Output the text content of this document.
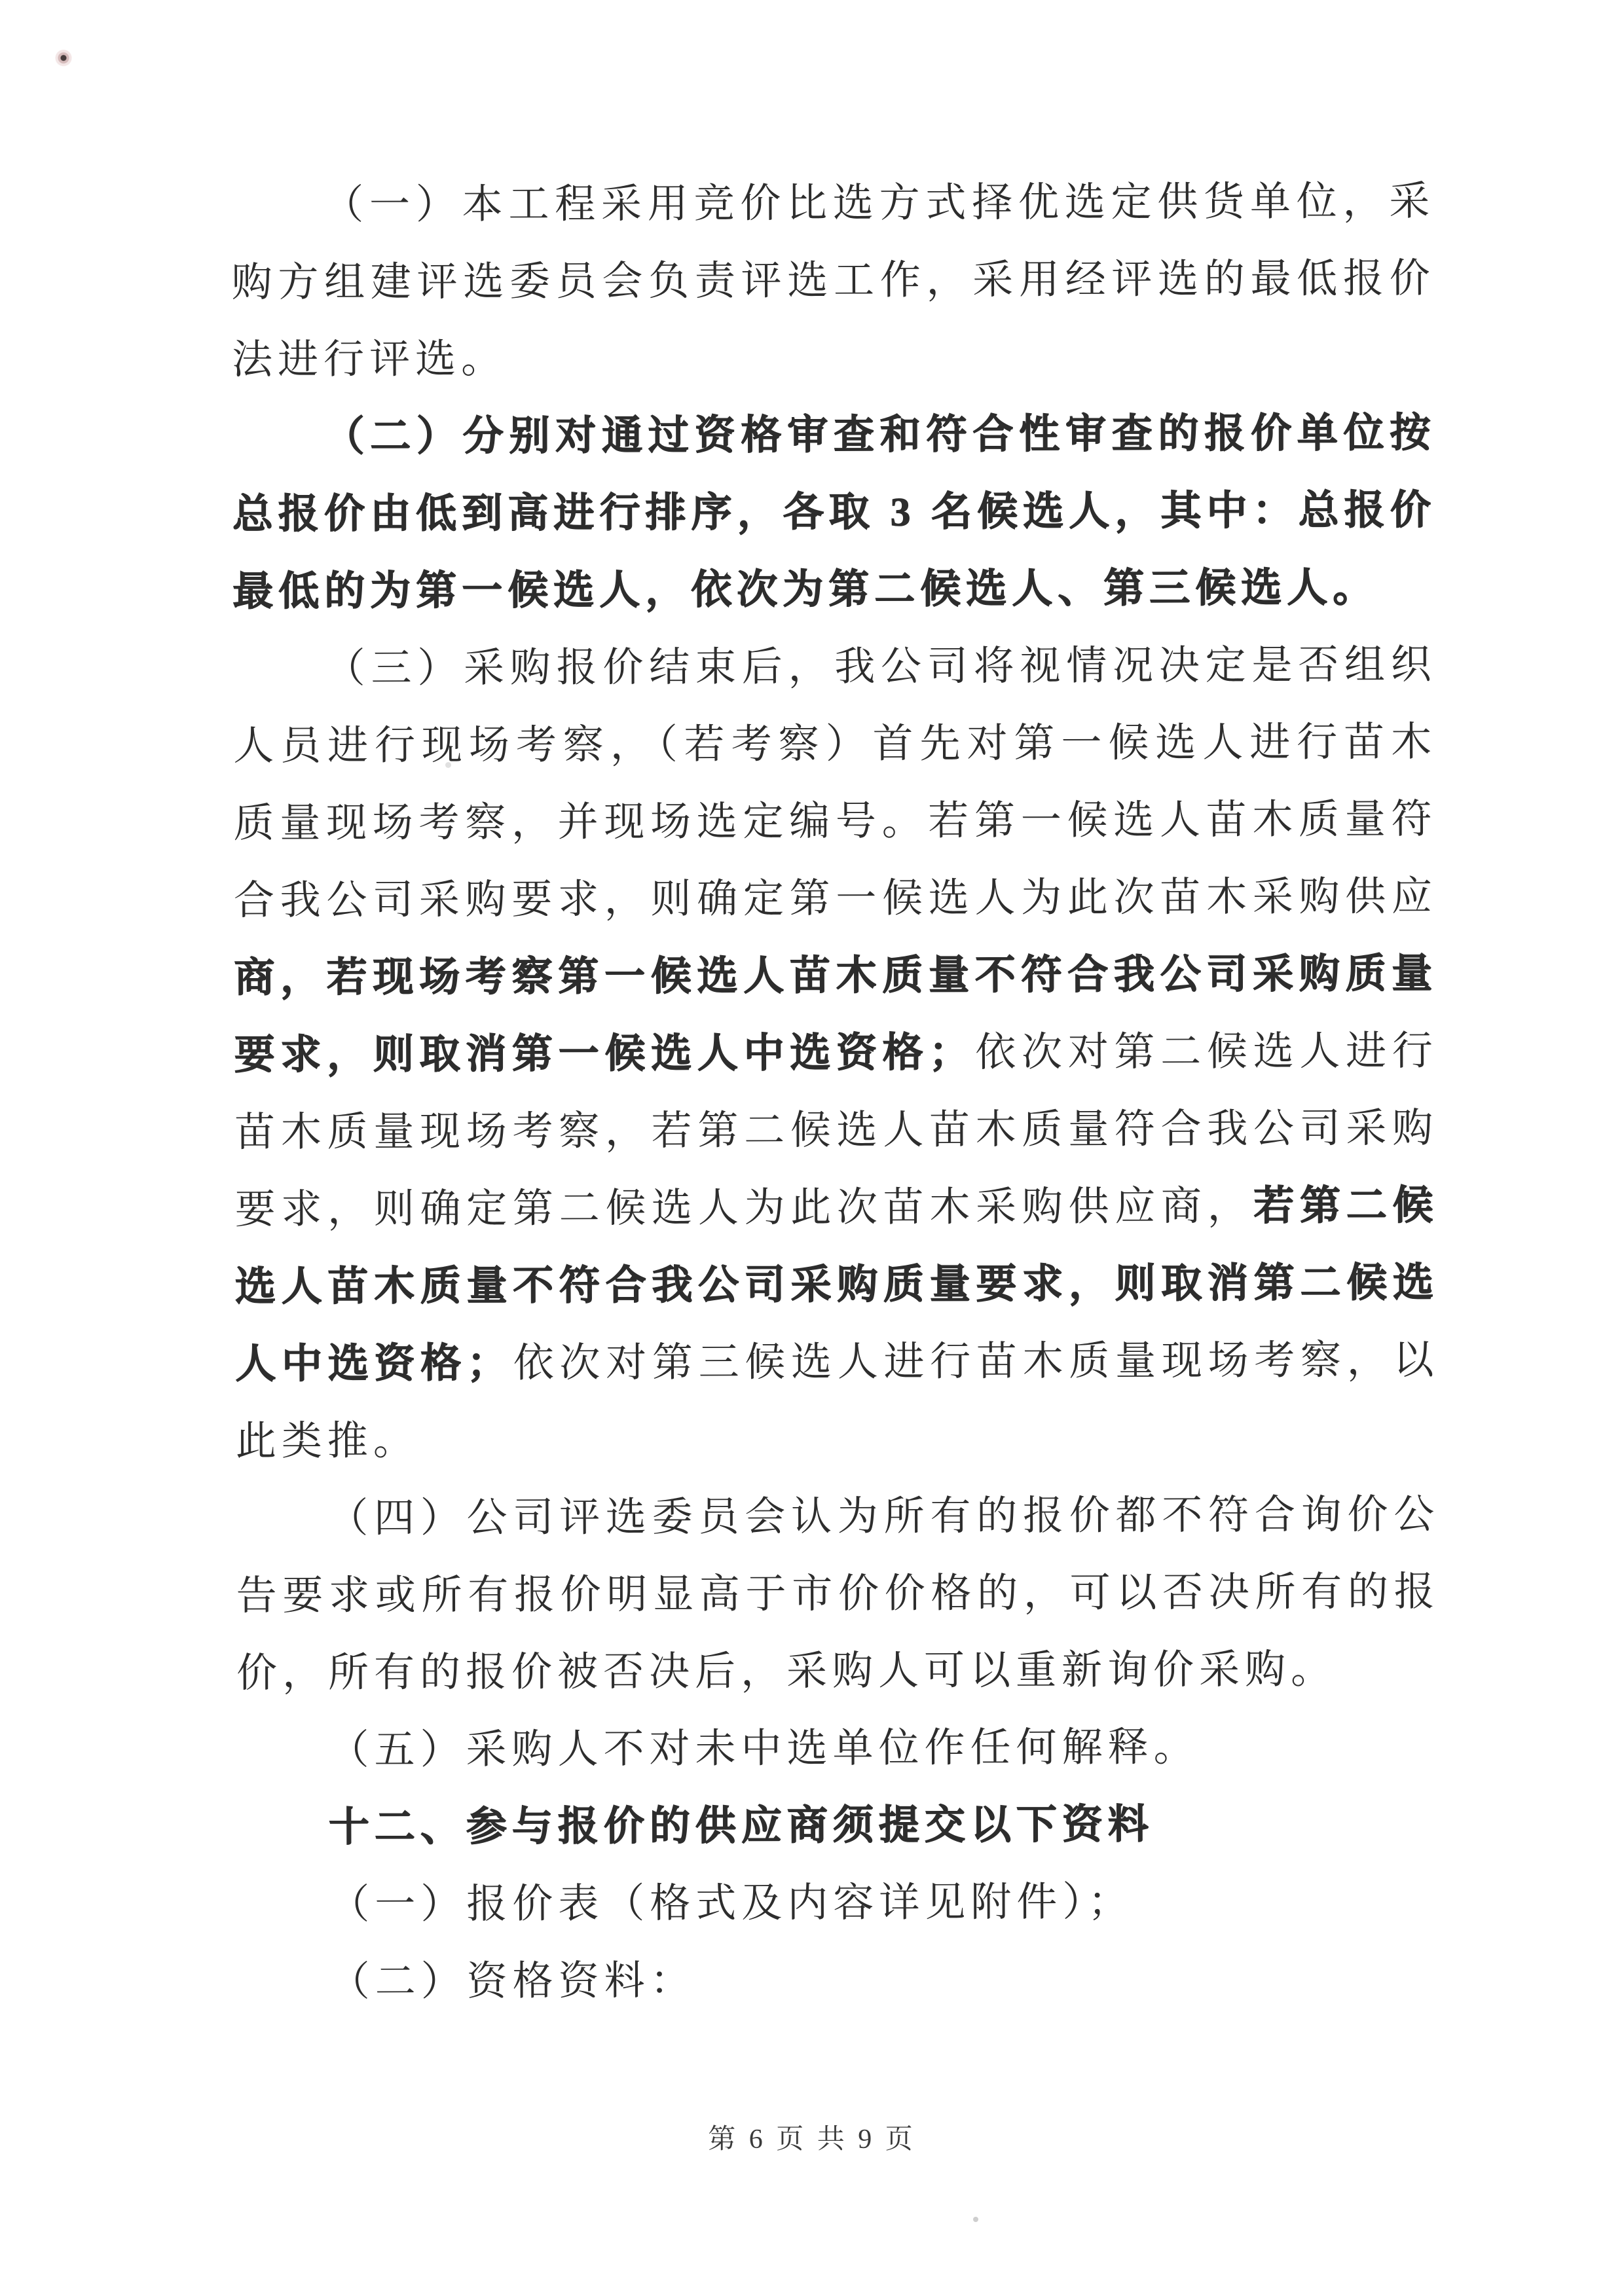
（一）本工程采用竞价比选方式择优选定供货单位，采购方组建评选委员会负责评选工作，采用经评选的最低报价法进行评选。

（二）分别对通过资格审查和符合性审查的报价单位按总报价由低到高进行排序，各取 3 名候选人，其中：总报价最低的为第一候选人，依次为第二候选人、第三候选人。

（三）采购报价结束后，我公司将视情况决定是否组织人员进行现场考察，（若考察）首先对第一候选人进行苗木质量现场考察，并现场选定编号。若第一候选人苗木质量符合我公司采购要求，则确定第一候选人为此次苗木采购供应商，若现场考察第一候选人苗木质量不符合我公司采购质量要求，则取消第一候选人中选资格；依次对第二候选人进行苗木质量现场考察，若第二候选人苗木质量符合我公司采购要求，则确定第二候选人为此次苗木采购供应商，若第二候选人苗木质量不符合我公司采购质量要求，则取消第二候选人中选资格；依次对第三候选人进行苗木质量现场考察，以此类推。

（四）公司评选委员会认为所有的报价都不符合询价公告要求或所有报价明显高于市价价格的，可以否决所有的报价，所有的报价被否决后，采购人可以重新询价采购。

（五）采购人不对未中选单位作任何解释。

十二、参与报价的供应商须提交以下资料

（一）报价表（格式及内容详见附件）；

（二）资格资料：

第 6 页 共 9 页
